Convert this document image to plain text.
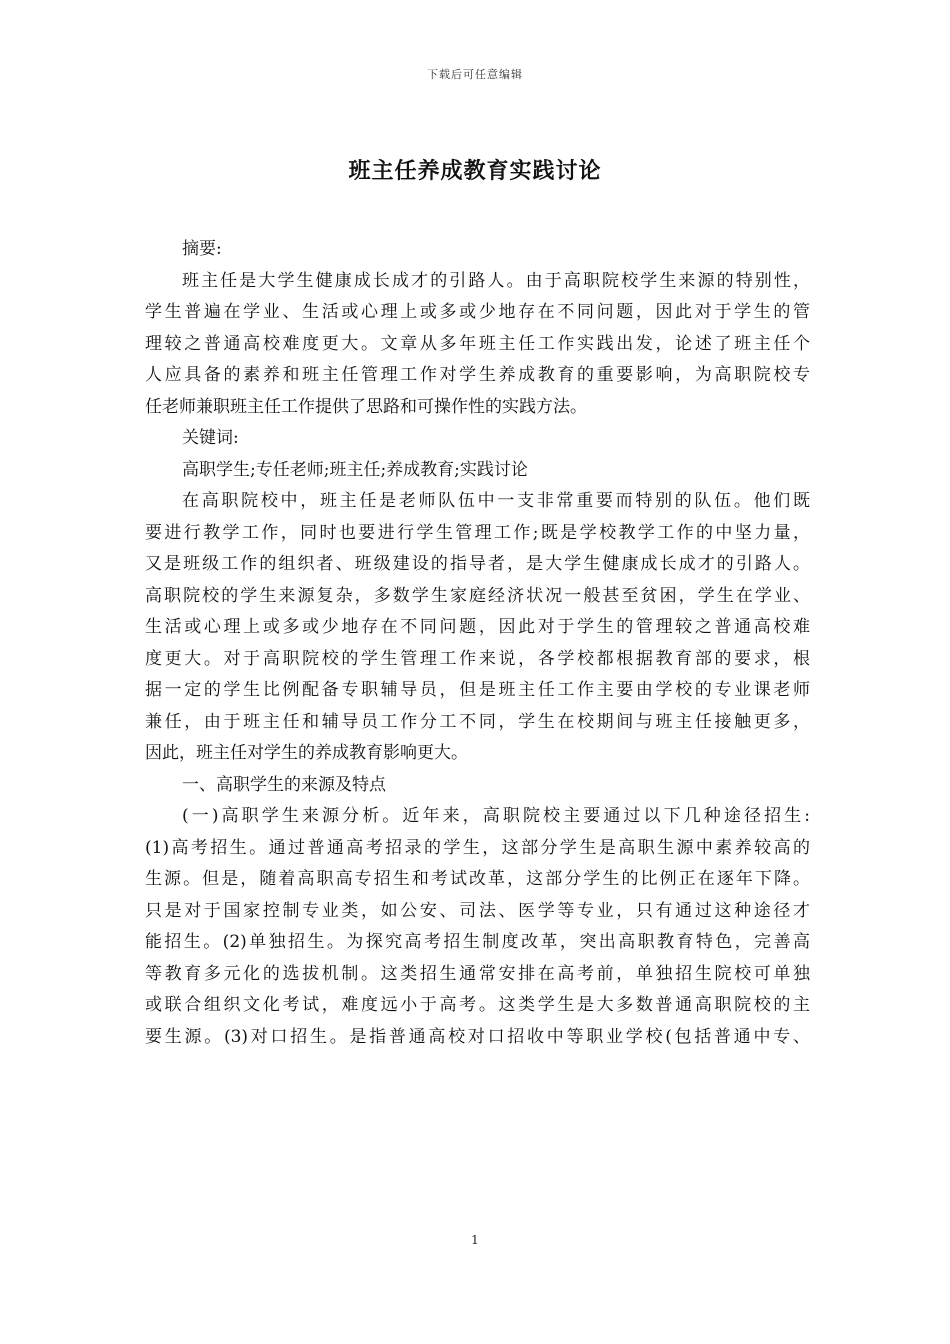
下载后可任意编辑
班主任养成教育实践讨论
摘要:
班主任是大学生健康成长成才的引路人。由于高职院校学生来源的特别性，
学生普遍在学业、生活或心理上或多或少地存在不同问题，因此对于学生的管
理较之普通高校难度更大。文章从多年班主任工作实践出发，论述了班主任个
人应具备的素养和班主任管理工作对学生养成教育的重要影响，为高职院校专
任老师兼职班主任工作提供了思路和可操作性的实践方法。
关键词:
高职学生;专任老师;班主任;养成教育;实践讨论
在高职院校中，班主任是老师队伍中一支非常重要而特别的队伍。他们既
要进行教学工作，同时也要进行学生管理工作;既是学校教学工作的中坚力量，
又是班级工作的组织者、班级建设的指导者，是大学生健康成长成才的引路人。
高职院校的学生来源复杂，多数学生家庭经济状况一般甚至贫困，学生在学业、
生活或心理上或多或少地存在不同问题，因此对于学生的管理较之普通高校难
度更大。对于高职院校的学生管理工作来说，各学校都根据教育部的要求，根
据一定的学生比例配备专职辅导员，但是班主任工作主要由学校的专业课老师
兼任，由于班主任和辅导员工作分工不同，学生在校期间与班主任接触更多，
因此，班主任对学生的养成教育影响更大。
一、高职学生的来源及特点
(一)高职学生来源分析。近年来，高职院校主要通过以下几种途径招生:
(1)高考招生。通过普通高考招录的学生，这部分学生是高职生源中素养较高的
生源。但是，随着高职高专招生和考试改革，这部分学生的比例正在逐年下降。
只是对于国家控制专业类，如公安、司法、医学等专业，只有通过这种途径才
能招生。(2)单独招生。为探究高考招生制度改革，突出高职教育特色，完善高
等教育多元化的选拔机制。这类招生通常安排在高考前，单独招生院校可单独
或联合组织文化考试，难度远小于高考。这类学生是大多数普通高职院校的主
要生源。(3)对口招生。是指普通高校对口招收中等职业学校(包括普通中专、
1
